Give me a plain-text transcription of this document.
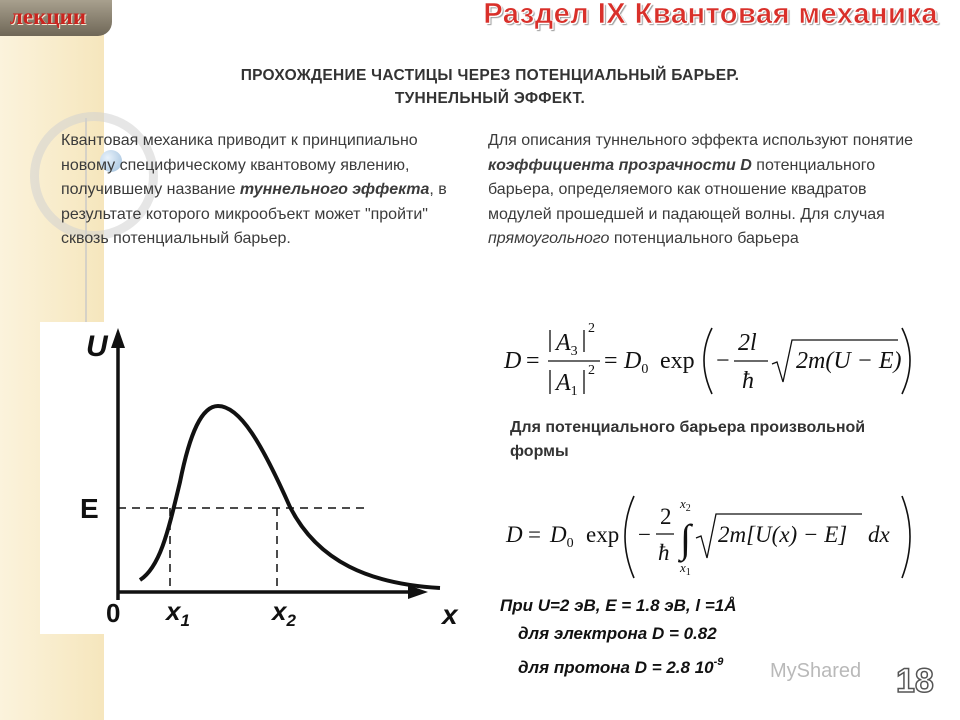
лекции	Раздел IX Квантовая механика
ПРОХОЖДЕНИЕ ЧАСТИЦЫ ЧЕРЕЗ ПОТЕНЦИАЛЬНЫЙ БАРЬЕР.
ТУННЕЛЬНЫЙ ЭФФЕКТ.
Квантовая механика приводит к принципиально новому специфическому квантовому явлению, получившему название туннельного эффекта, в результате которого микрообъект может "пройти" сквозь потенциальный барьер.
Для описания туннельного эффекта используют понятие коэффициента прозрачности D потенциального барьера, определяемого как отношение квадратов модулей прошедшей и падающей волны. Для случая прямоугольного потенциального барьера
U
E
0 $x_1$	$x_2$	x
D =
$A_3$
2
$A_1$
$2 = D_0$ exp −
2l
ħ
2m(U − E)
Для потенциального барьера произвольной формы
$D = D_0$ exp −
2
ħ
$x_2$
∫
$x_1$
2m[U(x) − E] dx
При U=2 эВ, E = 1.8 эВ, l =1Å
для электрона D = 0.82
для протона D = 2.8 $10^{-9}$ MyShared 18
